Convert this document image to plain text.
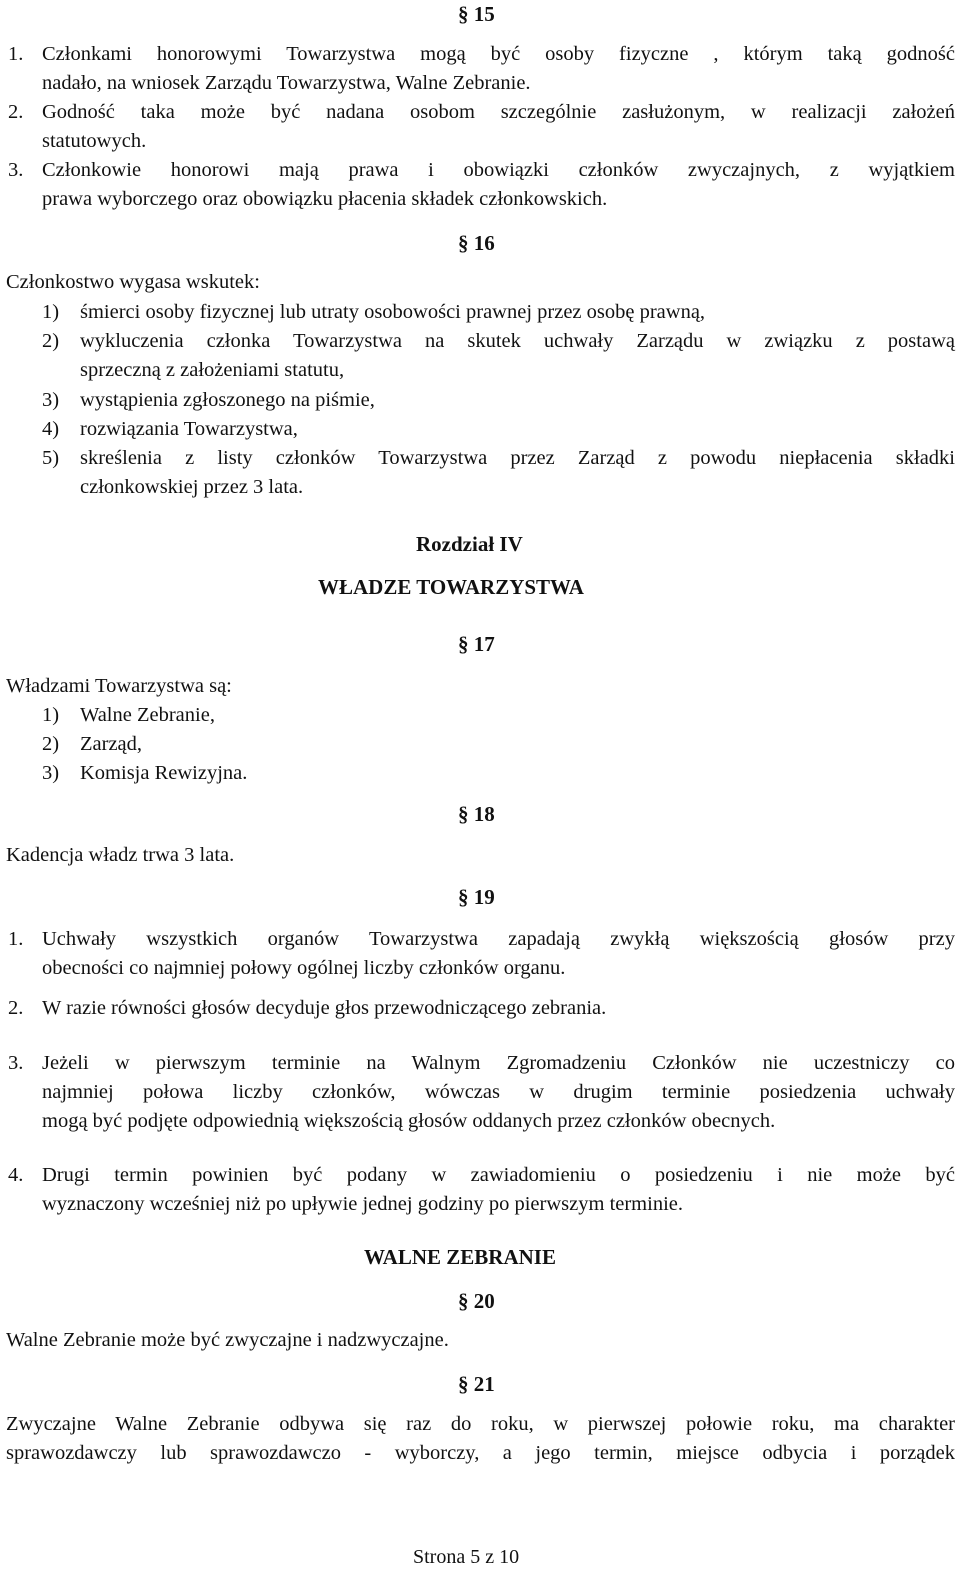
§ 15
1. Członkami honorowymi Towarzystwa mogą być osoby fizyczne , którym taką godność
nadało, na wniosek Zarządu Towarzystwa, Walne Zebranie.
2. Godność taka może być nadana osobom szczególnie zasłużonym, w realizacji założeń
statutowych.
3. Członkowie honorowi mają prawa i obowiązki członków zwyczajnych, z wyjątkiem
prawa wyborczego oraz obowiązku płacenia składek członkowskich.
§ 16
Członkostwo wygasa wskutek:
1) śmierci osoby fizycznej lub utraty osobowości prawnej przez osobę prawną,
2) wykluczenia członka Towarzystwa na skutek uchwały Zarządu w związku z postawą
sprzeczną z założeniami statutu,
3) wystąpienia zgłoszonego na piśmie,
4) rozwiązania Towarzystwa,
5) skreślenia z listy członków Towarzystwa przez Zarząd z powodu niepłacenia składki
członkowskiej przez 3 lata.
Rozdział IV
WŁADZE TOWARZYSTWA
§ 17
Władzami Towarzystwa są:
1) Walne Zebranie,
2) Zarząd,
3) Komisja Rewizyjna.
§ 18
Kadencja władz trwa 3 lata.
§ 19
1. Uchwały wszystkich organów Towarzystwa zapadają zwykłą większością głosów przy
obecności co najmniej połowy ogólnej liczby członków organu.
2. W razie równości głosów decyduje głos przewodniczącego zebrania.
3. Jeżeli w pierwszym terminie na Walnym Zgromadzeniu Członków nie uczestniczy co
najmniej połowa liczby członków, wówczas w drugim terminie posiedzenia uchwały
mogą być podjęte odpowiednią większością głosów oddanych przez członków obecnych.
4. Drugi termin powinien być podany w zawiadomieniu o posiedzeniu i nie może być
wyznaczony wcześniej niż po upływie jednej godziny po pierwszym terminie.
WALNE ZEBRANIE
§ 20
Walne Zebranie może być zwyczajne i nadzwyczajne.
§ 21
Zwyczajne Walne Zebranie odbywa się raz do roku, w pierwszej połowie roku, ma charakter
sprawozdawczy lub sprawozdawczo - wyborczy, a jego termin, miejsce odbycia i porządek
Strona 5 z 10
